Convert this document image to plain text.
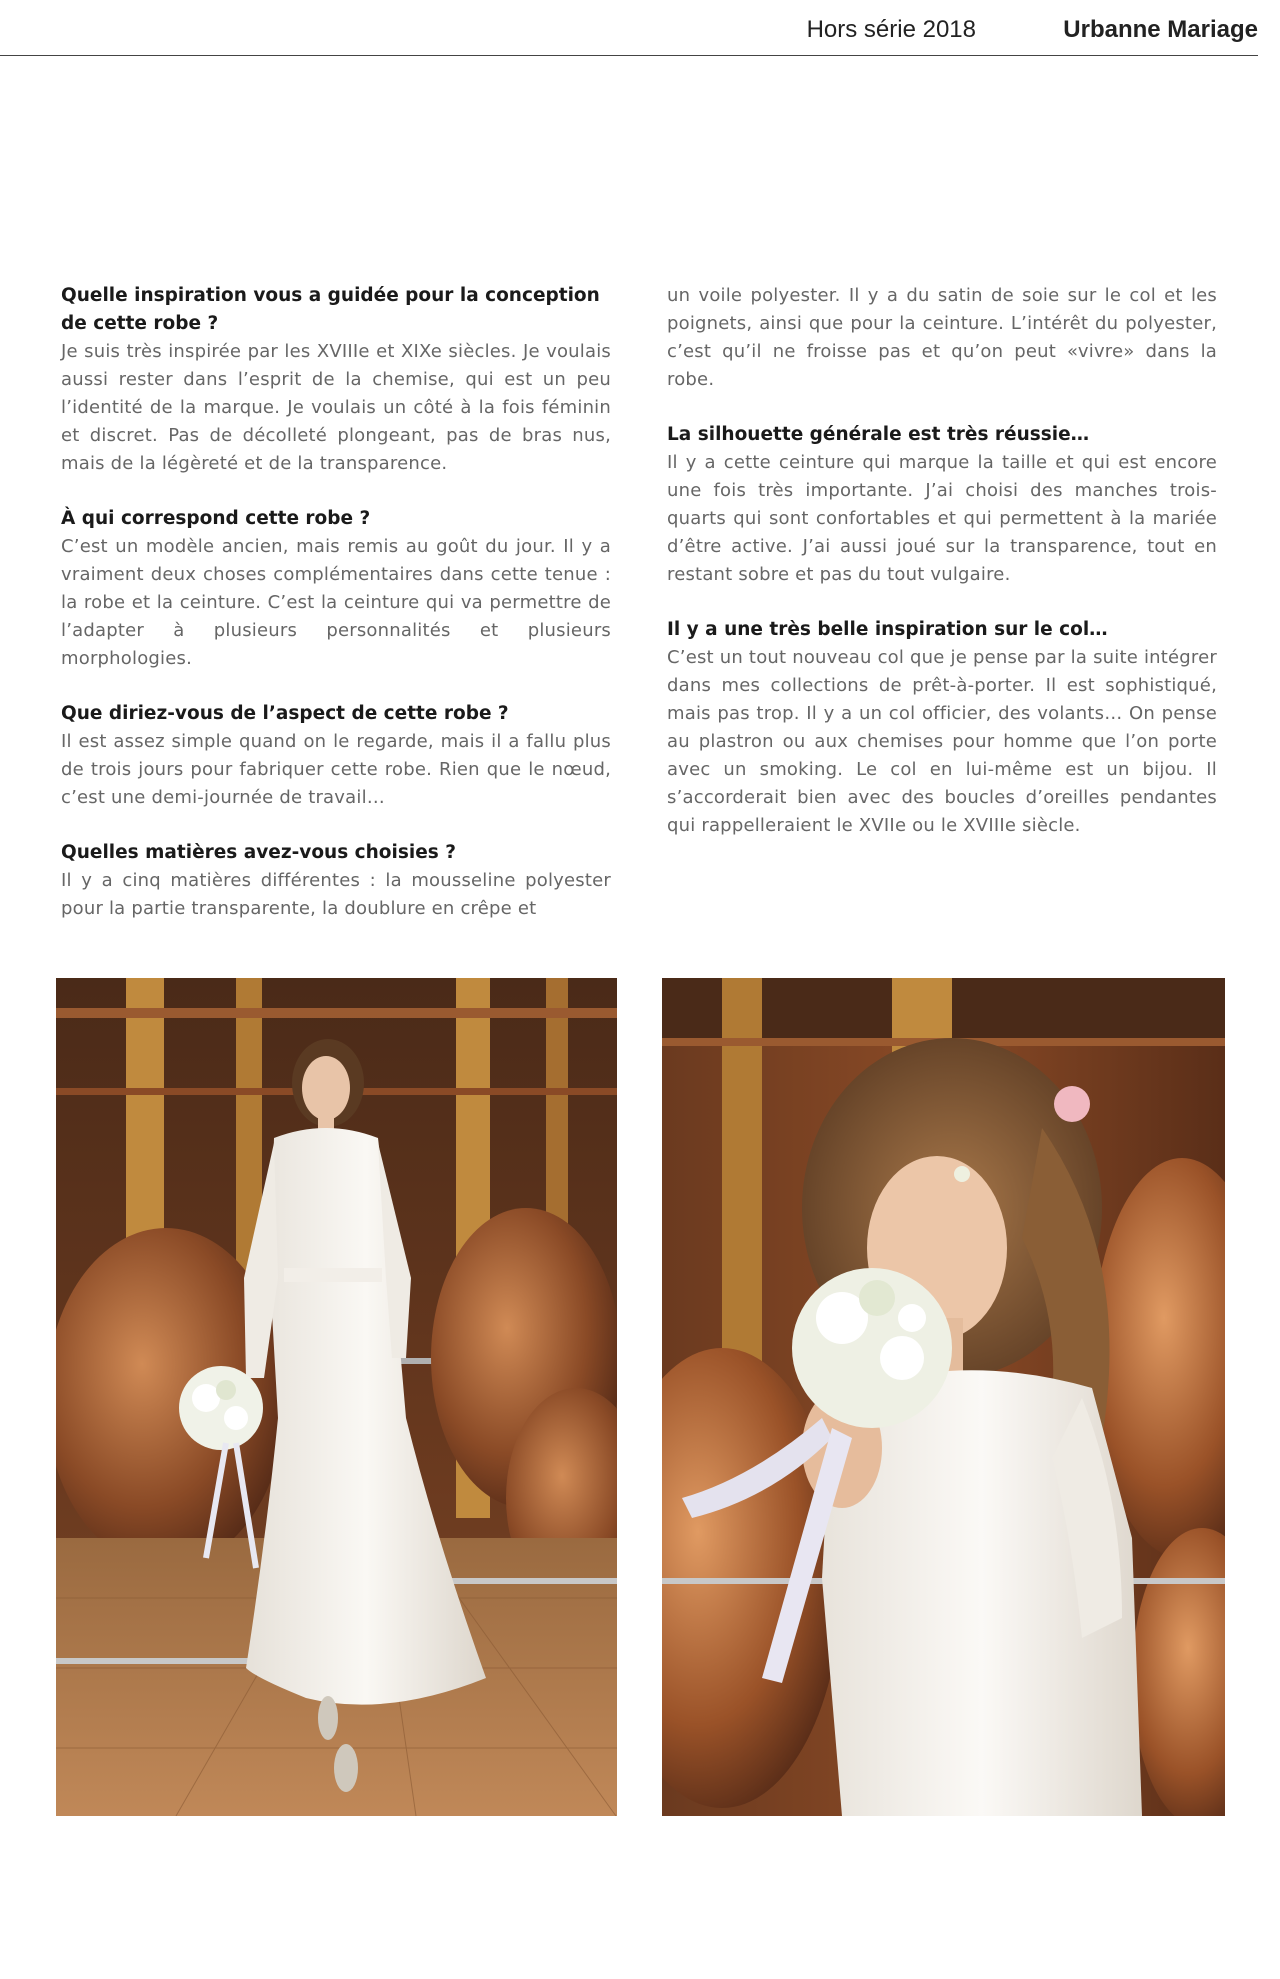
Hors série 2018	Urbanne Mariage

Quelle inspiration vous a guidée pour la conception de cette robe ?

Je suis très inspirée par les XVIIIe et XIXe siècles. Je voulais aussi rester dans l’esprit de la chemise, qui est un peu l’identité de la marque. Je voulais un côté à la fois féminin et discret. Pas de décolleté plongeant, pas de bras nus, mais de la légèreté et de la transparence.

À qui correspond cette robe ?

C’est un modèle ancien, mais remis au goût du jour. Il y a vraiment deux choses complémentaires dans cette tenue : la robe et la ceinture. C’est la ceinture qui va permettre de l’adapter à plusieurs personnalités et plusieurs morphologies.

Que diriez-vous de l’aspect de cette robe ?

Il est assez simple quand on le regarde, mais il a fallu plus de trois jours pour fabriquer cette robe. Rien que le nœud, c’est une demi-journée de travail…

Quelles matières avez-vous choisies ?

Il y a cinq matières différentes : la mousseline polyester pour la partie transparente, la doublure en crêpe et

un voile polyester. Il y a du satin de soie sur le col et les poignets, ainsi que pour la ceinture. L’intérêt du polyester, c’est qu’il ne froisse pas et qu’on peut «vivre» dans la robe.

La silhouette générale est très réussie…

Il y a cette ceinture qui marque la taille et qui est encore une fois très importante. J’ai choisi des manches trois-quarts qui sont confortables et qui permettent à la mariée d’être active. J’ai aussi joué sur la transparence, tout en restant sobre et pas du tout vulgaire.

Il y a une très belle inspiration sur le col…

C’est un tout nouveau col que je pense par la suite intégrer dans mes collections de prêt-à-porter. Il est sophistiqué, mais pas trop. Il y a un col officier, des volants… On pense au plastron ou aux chemises pour homme que l’on porte avec un smoking. Le col en lui-même est un bijou. Il s’accorderait bien avec des boucles d’oreilles pendantes qui rappelleraient le XVIIe ou le XVIIIe siècle.
